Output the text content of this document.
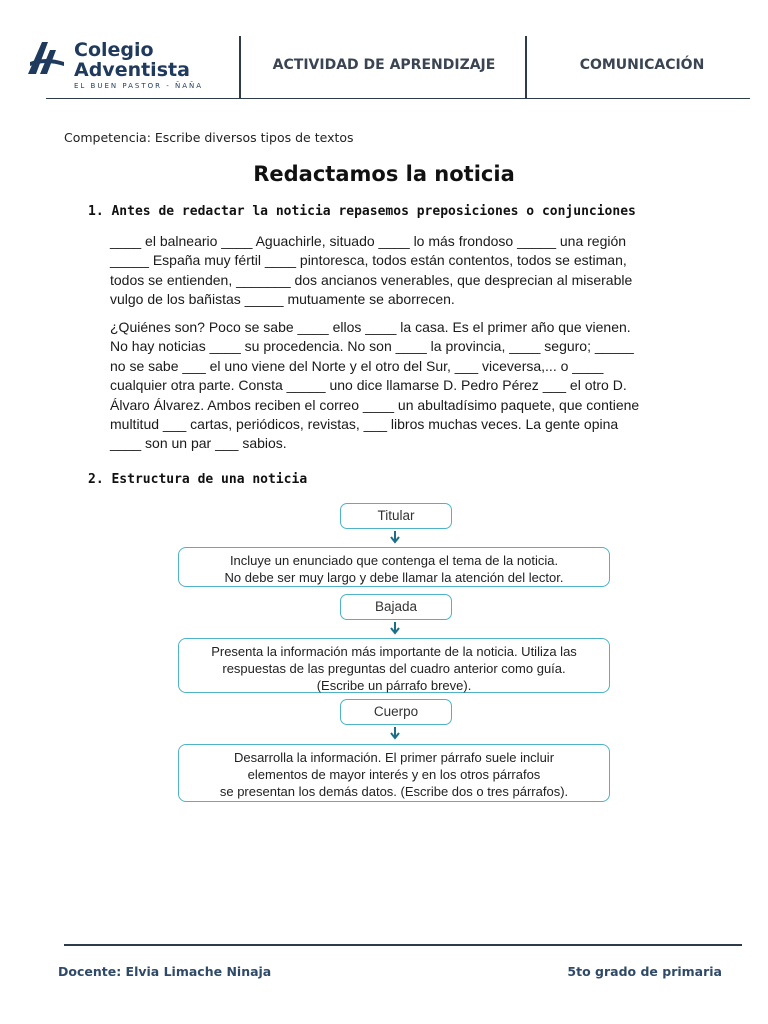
Colegio
Adventista
EL BUEN PASTOR - ÑAÑA
ACTIVIDAD DE APRENDIZAJE	COMUNICACIÓN
Competencia: Escribe diversos tipos de textos
Redactamos la noticia
1. Antes de redactar la noticia repasemos preposiciones o conjunciones
____ el balneario ____ Aguachirle, situado ____ lo más frondoso _____ una región
_____ España muy fértil ____ pintoresca, todos están contentos, todos se estiman,
todos se entienden, _______ dos ancianos venerables, que desprecian al miserable
vulgo de los bañistas _____ mutuamente se aborrecen.
¿Quiénes son? Poco se sabe ____ ellos ____ la casa. Es el primer año que vienen.
No hay noticias ____ su procedencia. No son ____ la provincia, ____ seguro; _____
no se sabe ___ el uno viene del Norte y el otro del Sur, ___ viceversa,... o ____
cualquier otra parte. Consta _____ uno dice llamarse D. Pedro Pérez ___ el otro D.
Álvaro Álvarez. Ambos reciben el correo ____ un abultadísimo paquete, que contiene
multitud ___ cartas, periódicos, revistas, ___ libros muchas veces. La gente opina
____ son un par ___ sabios.
2. Estructura de una noticia
Titular
Incluye un enunciado que contenga el tema de la noticia.
No debe ser muy largo y debe llamar la atención del lector.
Bajada
Presenta la información más importante de la noticia. Utiliza las
respuestas de las preguntas del cuadro anterior como guía.
(Escribe un párrafo breve).
Cuerpo
Desarrolla la información. El primer párrafo suele incluir
elementos de mayor interés y en los otros párrafos
se presentan los demás datos. (Escribe dos o tres párrafos).
Docente: Elvia Limache Ninaja	5to grado de primaria
